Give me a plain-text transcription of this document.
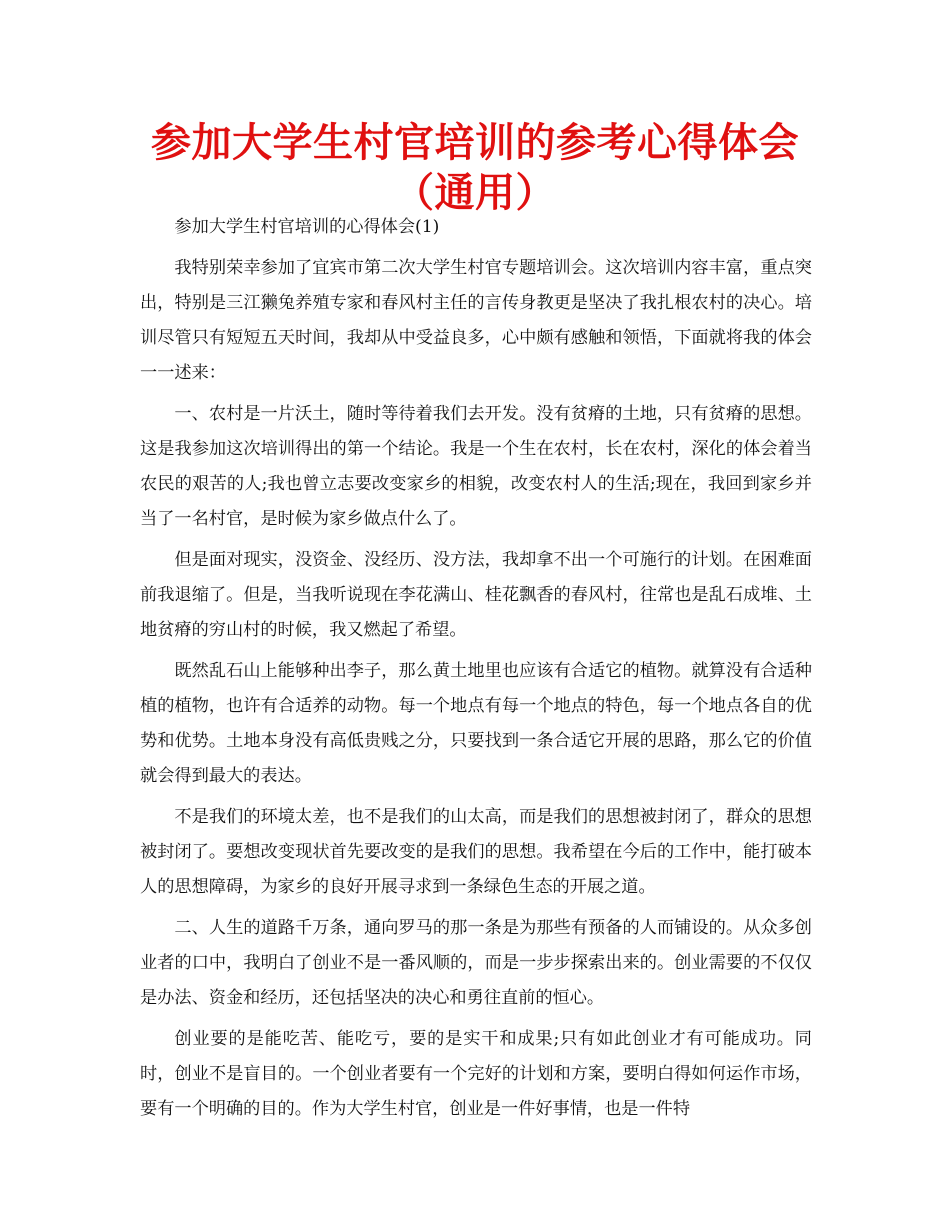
参加大学生村官培训的参考心得体会（通用）
参加大学生村官培训的心得体会(1)

我特别荣幸参加了宜宾市第二次大学生村官专题培训会。这次培训内容丰富，重点突出，特别是三江獭兔养殖专家和春风村主任的言传身教更是坚决了我扎根农村的决心。培训尽管只有短短五天时间，我却从中受益良多，心中颇有感触和领悟，下面就将我的体会一一述来：

一、农村是一片沃土，随时等待着我们去开发。没有贫瘠的土地，只有贫瘠的思想。这是我参加这次培训得出的第一个结论。我是一个生在农村，长在农村，深化的体会着当农民的艰苦的人;我也曾立志要改变家乡的相貌，改变农村人的生活;现在，我回到家乡并当了一名村官，是时候为家乡做点什么了。

但是面对现实，没资金、没经历、没方法，我却拿不出一个可施行的计划。在困难面前我退缩了。但是，当我听说现在李花满山、桂花飘香的春风村，往常也是乱石成堆、土地贫瘠的穷山村的时候，我又燃起了希望。

既然乱石山上能够种出李子，那么黄土地里也应该有合适它的植物。就算没有合适种植的植物，也许有合适养的动物。每一个地点有每一个地点的特色，每一个地点各自的优势和优势。土地本身没有高低贵贱之分，只要找到一条合适它开展的思路，那么它的价值就会得到最大的表达。

不是我们的环境太差，也不是我们的山太高，而是我们的思想被封闭了，群众的思想被封闭了。要想改变现状首先要改变的是我们的思想。我希望在今后的工作中，能打破本人的思想障碍，为家乡的良好开展寻求到一条绿色生态的开展之道。

二、人生的道路千万条，通向罗马的那一条是为那些有预备的人而铺设的。从众多创业者的口中，我明白了创业不是一番风顺的，而是一步步探索出来的。创业需要的不仅仅是办法、资金和经历，还包括坚决的决心和勇往直前的恒心。

创业要的是能吃苦、能吃亏，要的是实干和成果;只有如此创业才有可能成功。同时，创业不是盲目的。一个创业者要有一个完好的计划和方案，要明白得如何运作市场，要有一个明确的目的。作为大学生村官，创业是一件好事情，也是一件特
